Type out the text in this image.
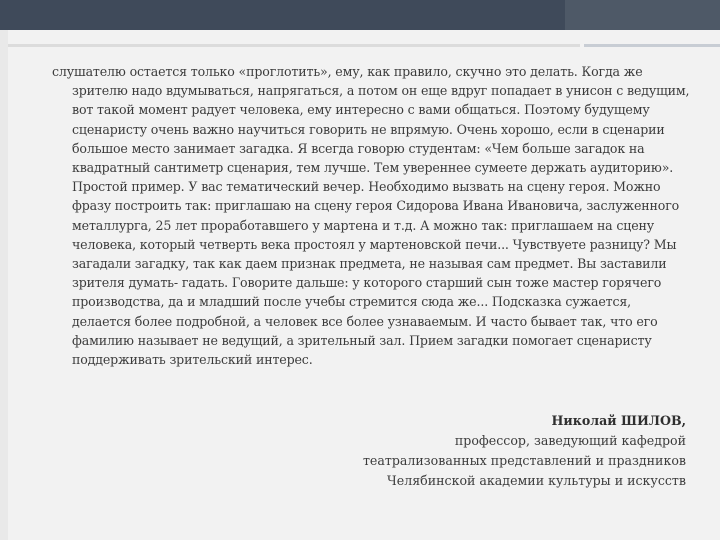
слушателю остается только «проглотить», ему, как правило, скучно это делать. Когда же зрителю надо вдумываться, напрягаться, а потом он еще вдруг попадает в унисон с ведущим, вот такой момент радует человека, ему интересно с вами общаться. Поэтому будущему сценаристу очень важно научиться говорить не впрямую. Очень хорошо, если в сценарии большое место занимает загадка. Я всегда говорю студентам: «Чем больше загадок на квадратный сантиметр сценария, тем лучше. Тем увереннее сумеете держать аудиторию». Простой пример. У вас тематический вечер. Необходимо вызвать на сцену героя. Можно фразу построить так: приглашаю на сцену героя Сидорова Ивана Ивановича, заслуженного металлурга, 25 лет проработавшего у мартена и т.д. А можно так: приглашаем на сцену человека, который четверть века простоял у мартеновской печи... Чувствуете разницу? Мы загадали загадку, так как даем признак предмета, не называя сам предмет. Вы заставили зрителя думать- гадать. Говорите дальше: у которого старший сын тоже мастер горячего производства, да и младший после учебы стремится сюда же... Подсказка сужается, делается более подробной, а человек все более узнаваемым. И часто бывает так, что его фамилию называет не ведущий, а зрительный зал. Прием загадки помогает сценаристу поддерживать зрительский интерес.

Николай ШИЛОВ,
профессор, заведующий кафедрой
театрализованных представлений и праздников
Челябинской академии культуры и искусств
